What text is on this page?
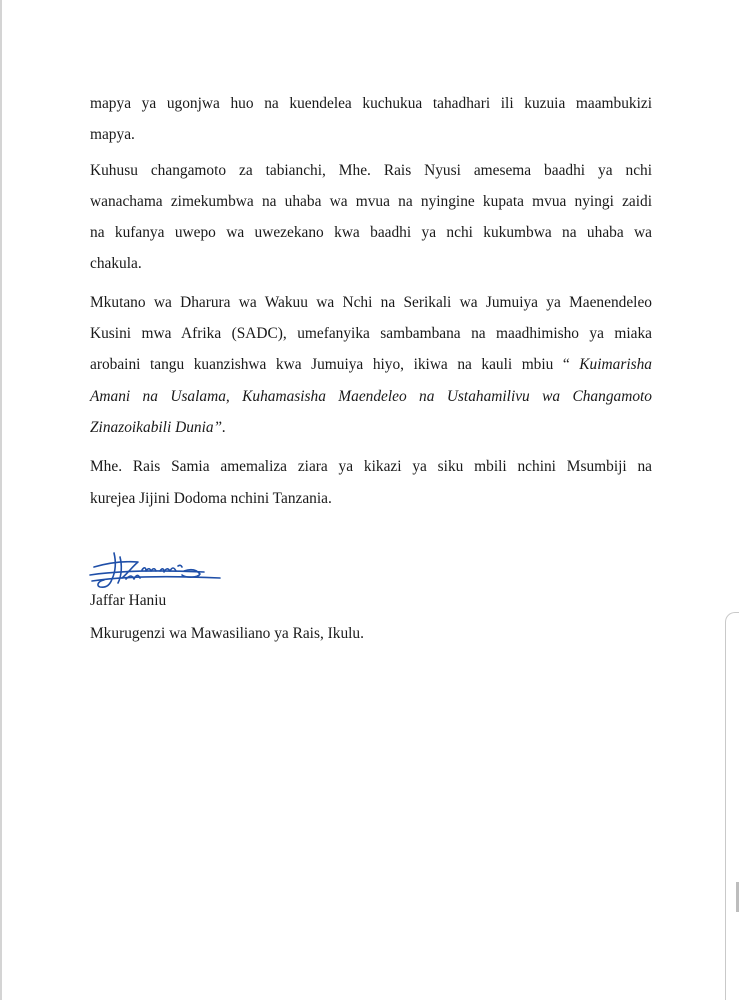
mapya ya ugonjwa huo na kuendelea kuchukua tahadhari ili kuzuia maambukizi
mapya.
Kuhusu changamoto za tabianchi, Mhe. Rais Nyusi amesema baadhi ya nchi
wanachama zimekumbwa na uhaba wa mvua na nyingine kupata mvua nyingi zaidi
na kufanya uwepo wa uwezekano kwa baadhi ya nchi kukumbwa na uhaba wa
chakula.
Mkutano wa Dharura wa Wakuu wa Nchi na Serikali wa Jumuiya ya Maenendeleo
Kusini mwa Afrika (SADC), umefanyika sambambana na maadhimisho ya miaka
arobaini tangu kuanzishwa kwa Jumuiya hiyo, ikiwa na kauli mbiu “ Kuimarisha
Amani na Usalama, Kuhamasisha Maendeleo na Ustahamilivu wa Changamoto
Zinazoikabili Dunia”.
Mhe. Rais Samia amemaliza ziara ya kikazi ya siku mbili nchini Msumbiji na
kurejea Jijini Dodoma nchini Tanzania.

Jaffar Haniu

Mkurugenzi wa Mawasiliano ya Rais, Ikulu.
